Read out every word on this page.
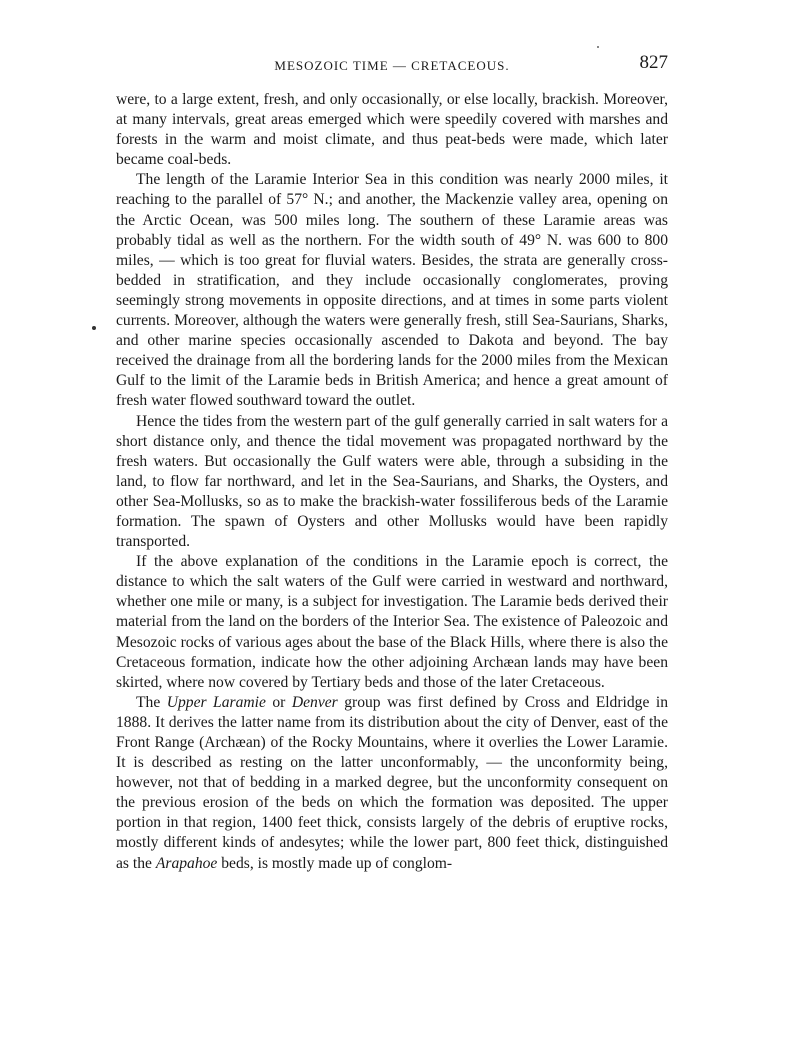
MESOZOIC TIME — CRETACEOUS.	827

were, to a large extent, fresh, and only occasionally, or else locally, brackish. Moreover, at many intervals, great areas emerged which were speedily covered with marshes and forests in the warm and moist climate, and thus peat-beds were made, which later became coal-beds.

The length of the Laramie Interior Sea in this condition was nearly 2000 miles, it reaching to the parallel of 57° N.; and another, the Mackenzie valley area, opening on the Arctic Ocean, was 500 miles long. The southern of these Laramie areas was probably tidal as well as the northern. For the width south of 49° N. was 600 to 800 miles, — which is too great for fluvial waters. Besides, the strata are generally cross-bedded in stratification, and they include occasionally conglomerates, proving seemingly strong movements in opposite directions, and at times in some parts violent currents. Moreover, although the waters were generally fresh, still Sea-Saurians, Sharks, and other marine species occasionally ascended to Dakota and beyond. The bay received the drainage from all the bordering lands for the 2000 miles from the Mexican Gulf to the limit of the Laramie beds in British America; and hence a great amount of fresh water flowed southward toward the outlet.

Hence the tides from the western part of the gulf generally carried in salt waters for a short distance only, and thence the tidal movement was propagated northward by the fresh waters. But occasionally the Gulf waters were able, through a subsiding in the land, to flow far northward, and let in the Sea-Saurians, and Sharks, the Oysters, and other Sea-Mollusks, so as to make the brackish-water fossiliferous beds of the Laramie formation. The spawn of Oysters and other Mollusks would have been rapidly transported.

If the above explanation of the conditions in the Laramie epoch is correct, the distance to which the salt waters of the Gulf were carried in westward and northward, whether one mile or many, is a subject for investigation. The Laramie beds derived their material from the land on the borders of the Interior Sea. The existence of Paleozoic and Mesozoic rocks of various ages about the base of the Black Hills, where there is also the Cretaceous formation, indicate how the other adjoining Archæan lands may have been skirted, where now covered by Tertiary beds and those of the later Cretaceous.

The Upper Laramie or Denver group was first defined by Cross and Eldridge in 1888. It derives the latter name from its distribution about the city of Denver, east of the Front Range (Archæan) of the Rocky Mountains, where it overlies the Lower Laramie. It is described as resting on the latter unconformably, — the unconformity being, however, not that of bedding in a marked degree, but the unconformity consequent on the previous erosion of the beds on which the formation was deposited. The upper portion in that region, 1400 feet thick, consists largely of the debris of eruptive rocks, mostly different kinds of andesytes; while the lower part, 800 feet thick, distinguished as the Arapahoe beds, is mostly made up of conglom-
